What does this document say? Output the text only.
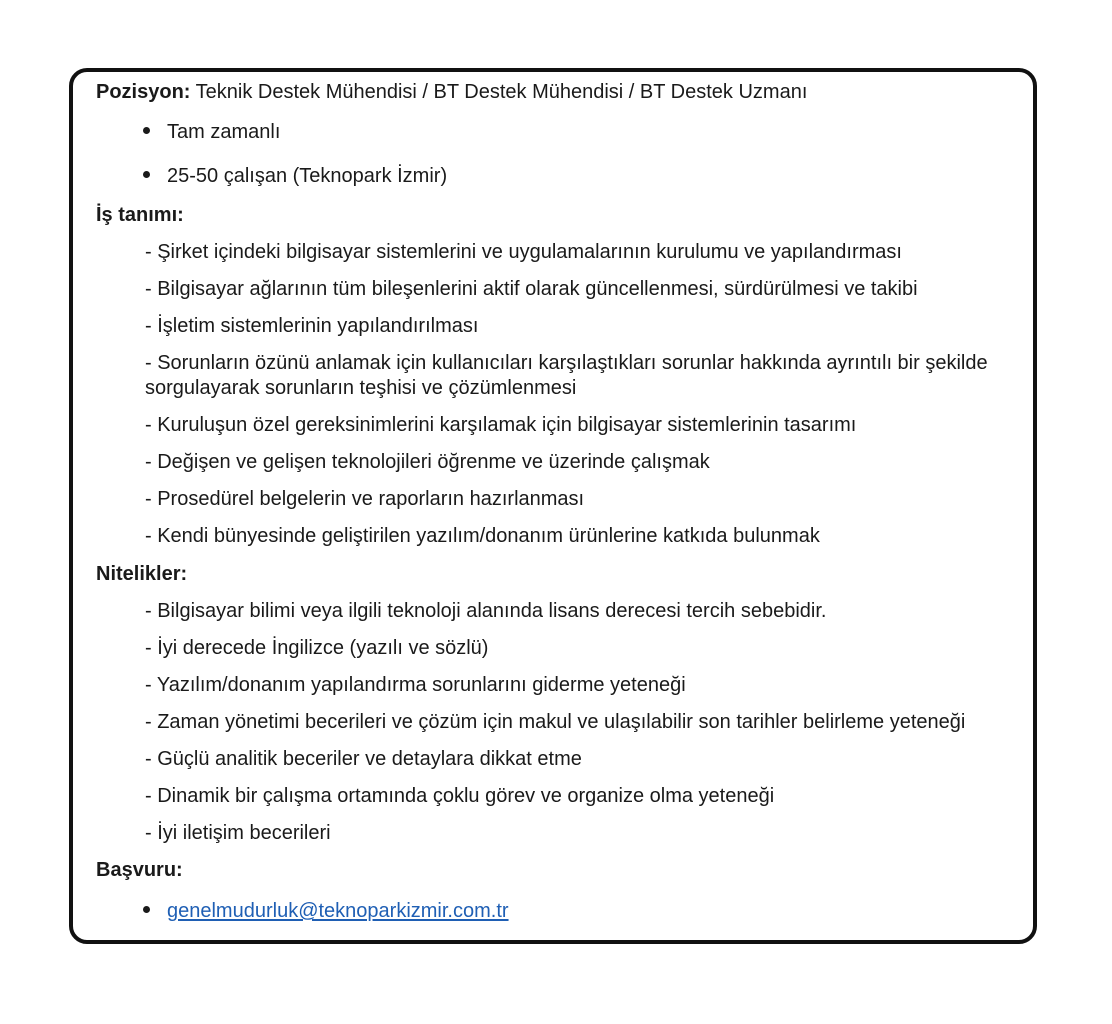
Pozisyon: Teknik Destek Mühendisi / BT Destek Mühendisi / BT Destek Uzmanı
Tam zamanlı
25-50 çalışan (Teknopark İzmir)
İş tanımı:
- Şirket içindeki bilgisayar sistemlerini ve uygulamalarının kurulumu ve yapılandırması
- Bilgisayar ağlarının tüm bileşenlerini aktif olarak güncellenmesi, sürdürülmesi ve takibi
- İşletim sistemlerinin yapılandırılması
- Sorunların özünü anlamak için kullanıcıları karşılaştıkları sorunlar hakkında ayrıntılı bir şekilde sorgulayarak sorunların teşhisi ve çözümlenmesi
- Kuruluşun özel gereksinimlerini karşılamak için bilgisayar sistemlerinin tasarımı
- Değişen ve gelişen teknolojileri öğrenme ve üzerinde çalışmak
- Prosedürel belgelerin ve raporların hazırlanması
- Kendi bünyesinde geliştirilen yazılım/donanım ürünlerine katkıda bulunmak
Nitelikler:
- Bilgisayar bilimi veya ilgili teknoloji alanında lisans derecesi tercih sebebidir.
- İyi derecede İngilizce (yazılı ve sözlü)
- Yazılım/donanım yapılandırma sorunlarını giderme yeteneği
- Zaman yönetimi becerileri ve çözüm için makul ve ulaşılabilir son tarihler belirleme yeteneği
- Güçlü analitik beceriler ve detaylara dikkat etme
- Dinamik bir çalışma ortamında çoklu görev ve organize olma yeteneği
- İyi iletişim becerileri
Başvuru:
genelmudurluk@teknoparkizmir.com.tr
